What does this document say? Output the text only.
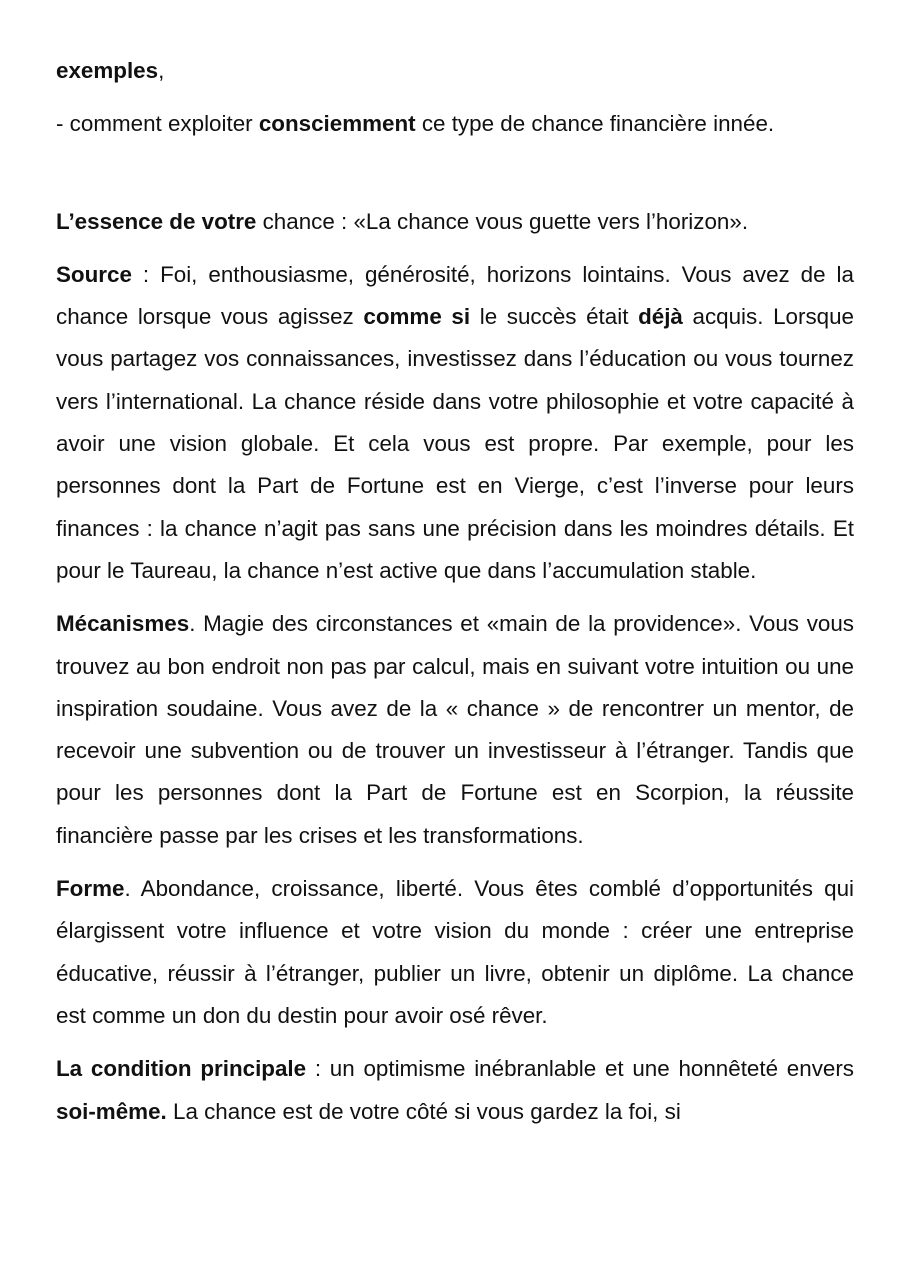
exemples,

- comment exploiter consciemment ce type de chance financière innée.

L’essence de votre chance : «La chance vous guette vers l’horizon».

Source : Foi, enthousiasme, générosité, horizons lointains. Vous avez de la chance lorsque vous agissez comme si le succès était déjà acquis. Lorsque vous partagez vos connaissances, investissez dans l’éducation ou vous tournez vers l’international. La chance réside dans votre philosophie et votre capacité à avoir une vision globale. Et cela vous est propre. Par exemple, pour les personnes dont la Part de Fortune est en Vierge, c’est l’inverse pour leurs finances : la chance n’agit pas sans une précision dans les moindres détails. Et pour le Taureau, la chance n’est active que dans l’accumulation stable.

Mécanismes. Magie des circonstances et «main de la providence». Vous vous trouvez au bon endroit non pas par calcul, mais en suivant votre intuition ou une inspiration soudaine. Vous avez de la « chance » de rencontrer un mentor, de recevoir une subvention ou de trouver un investisseur à l’étranger. Tandis que pour les personnes dont la Part de Fortune est en Scorpion, la réussite financière passe par les crises et les transformations.

Forme. Abondance, croissance, liberté. Vous êtes comblé d’opportunités qui élargissent votre influence et votre vision du monde : créer une entreprise éducative, réussir à l’étranger, publier un livre, obtenir un diplôme. La chance est comme un don du destin pour avoir osé rêver.

La condition principale : un optimisme inébranlable et une honnêteté envers soi-même. La chance est de votre côté si vous gardez la foi, si
